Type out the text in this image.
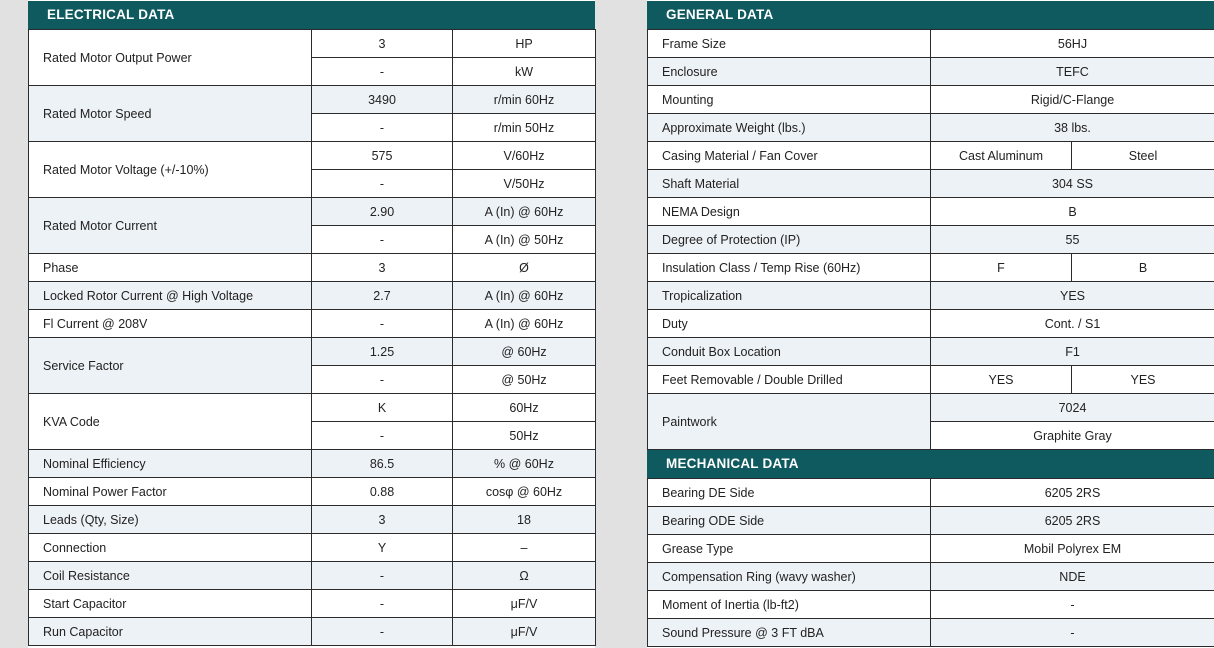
ELECTRICAL DATA
Rated Motor Output Power	3	HP
	-	kW
Rated Motor Speed	3490	r/min 60Hz
	-	r/min 50Hz
Rated Motor Voltage (+/-10%)	575	V/60Hz
	-	V/50Hz
Rated Motor Current	2.90	A (In) @ 60Hz
	-	A (In) @ 50Hz
Phase	3	Ø
Locked Rotor Current @ High Voltage	2.7	A (In) @ 60Hz
Fl Current @ 208V	-	A (In) @ 60Hz
Service Factor	1.25	@ 60Hz
	-	@ 50Hz
KVA Code	K	60Hz
	-	50Hz
Nominal Efficiency	86.5	% @ 60Hz
Nominal Power Factor	0.88	cosφ @ 60Hz
Leads (Qty, Size)	3	18
Connection	Y	–
Coil Resistance	-	Ω
Start Capacitor	-	μF/V
Run Capacitor	-	μF/V
GENERAL DATA
Frame Size	56HJ	
Enclosure	TEFC	
Mounting	Rigid/C-Flange	
Approximate Weight (lbs.)	38 lbs.	
Casing Material / Fan Cover	Cast Aluminum	Steel
Shaft Material	304 SS	
NEMA Design	B	
Degree of Protection (IP)	55	
Insulation Class / Temp Rise (60Hz)	F	B
Tropicalization	YES	
Duty	Cont. / S1	
Conduit Box Location	F1	
Feet Removable / Double Drilled	YES	YES
Paintwork	7024	
	Graphite Gray	
MECHANICAL DATA
Bearing DE Side	6205 2RS
Bearing ODE Side	6205 2RS
Grease Type	Mobil Polyrex EM
Compensation Ring (wavy washer)	NDE
Moment of Inertia (lb-ft2)	-
Sound Pressure @ 3 FT dBA	-
